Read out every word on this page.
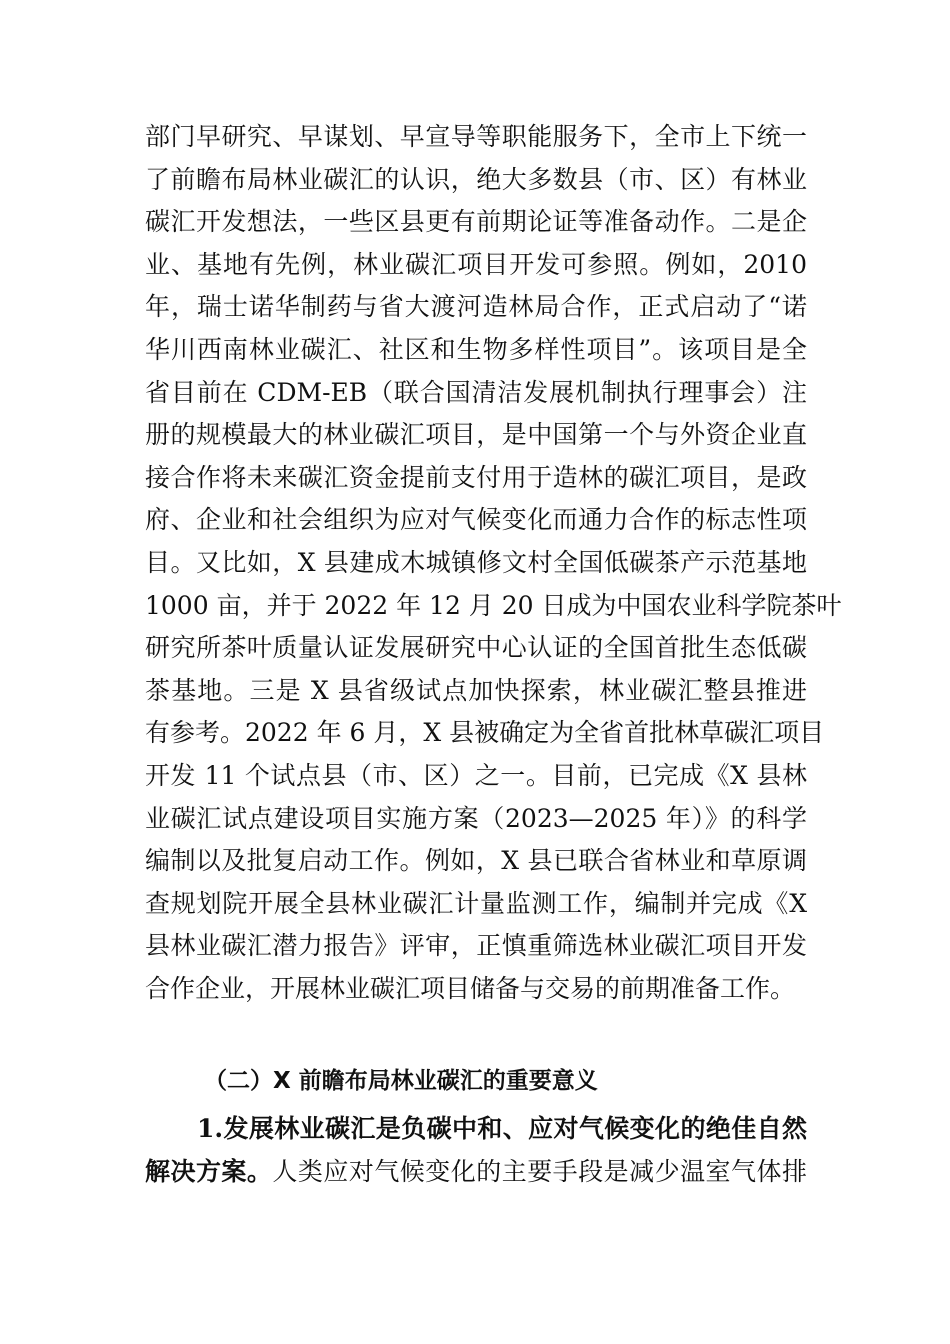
部门早研究、早谋划、早宣导等职能服务下，全市上下统一
了前瞻布局林业碳汇的认识，绝大多数县（市、区）有林业
碳汇开发想法，一些区县更有前期论证等准备动作。二是企
业、基地有先例，林业碳汇项目开发可参照。例如，2010
年，瑞士诺华制药与省大渡河造林局合作，正式启动了“诺
华川西南林业碳汇、社区和生物多样性项目”。该项目是全
省目前在 CDM-EB（联合国清洁发展机制执行理事会）注
册的规模最大的林业碳汇项目，是中国第一个与外资企业直
接合作将未来碳汇资金提前支付用于造林的碳汇项目，是政
府、企业和社会组织为应对气候变化而通力合作的标志性项
目。又比如，X 县建成木城镇修文村全国低碳茶产示范基地
1000 亩，并于 2022 年 12 月 20 日成为中国农业科学院茶叶
研究所茶叶质量认证发展研究中心认证的全国首批生态低碳
茶基地。三是 X 县省级试点加快探索，林业碳汇整县推进
有参考。2022 年 6 月，X 县被确定为全省首批林草碳汇项目
开发 11 个试点县（市、区）之一。目前，已完成《X 县林
业碳汇试点建设项目实施方案（2023—2025 年）》的科学
编制以及批复启动工作。例如，X 县已联合省林业和草原调
查规划院开展全县林业碳汇计量监测工作，编制并完成《X
县林业碳汇潜力报告》评审，正慎重筛选林业碳汇项目开发
合作企业，开展林业碳汇项目储备与交易的前期准备工作。
（二）X 前瞻布局林业碳汇的重要意义
1.发展林业碳汇是负碳中和、应对气候变化的绝佳自然
解决方案。人类应对气候变化的主要手段是减少温室气体排
